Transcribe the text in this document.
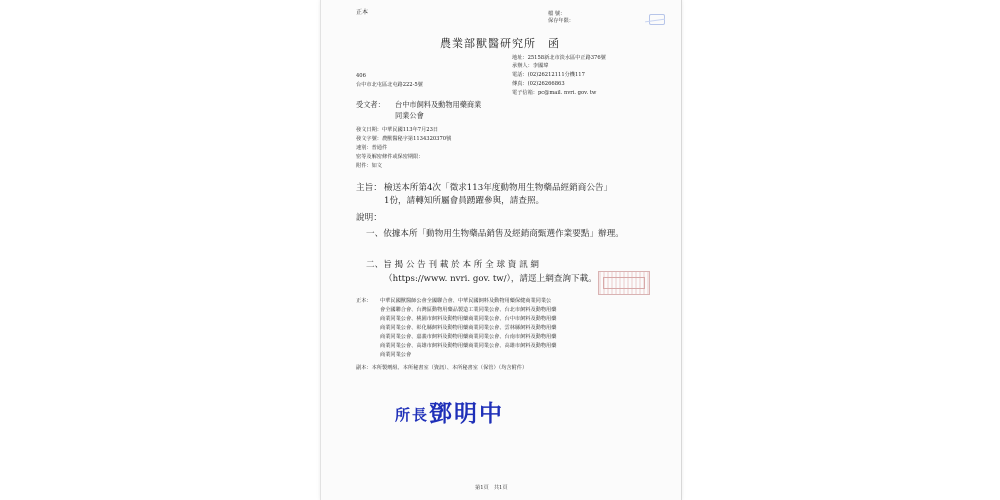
正本	檔 號：
保存年限：
農業部獸醫研究所　函
地址：25158新北市淡水區中正路376號
承辦人：李國瑋
電話：(02)26212111分機117
傳真：(02)26266863
電子信箱：pc@mail. nvri. gov. tw
406
台中市北屯區北屯路222-5號
受文者： 台中市飼料及動物用藥商業
同業公會
發文日期：中華民國113年7月23日
發文字號：農獸醫秘字第1134320370號
速別：普通件
密等及解密條件或保密期限：
附件：如文
主旨： 檢送本所第4次「徵求113年度動物用生物藥品經銷商公告」
1份，請轉知所屬會員踴躍參與，請查照。
說明：
一、依據本所「動物用生物藥品銷售及經銷商甄選作業要點」辦理。
二、旨 揭 公 告 刊 載 於 本 所 全 球 資 訊 網
（https://www. nvri. gov. tw/），請逕上網查詢下載。
正本： 中華民國獸醫師公會全國聯合會、中華民國飼料及動物用藥保健商業同業公
會全國聯合會、台灣區動物用藥品製造工業同業公會、台北市飼料及動物用藥
商業同業公會、桃園市飼料及動物用藥商業同業公會、台中市飼料及動物用藥
商業同業公會、彰化縣飼料及動物用藥商業同業公會、雲林縣飼料及動物用藥
商業同業公會、嘉義市飼料及動物用藥商業同業公會、台南市飼料及動物用藥
商業同業公會、高雄市飼料及動物用藥商業同業公會、高雄市飼料及動物用藥
商業同業公會
副本：本所製劑組、本所秘書室（資訊）、本所秘書室（保管）（均含附件）
所長鄧明中
第1頁　共1頁
